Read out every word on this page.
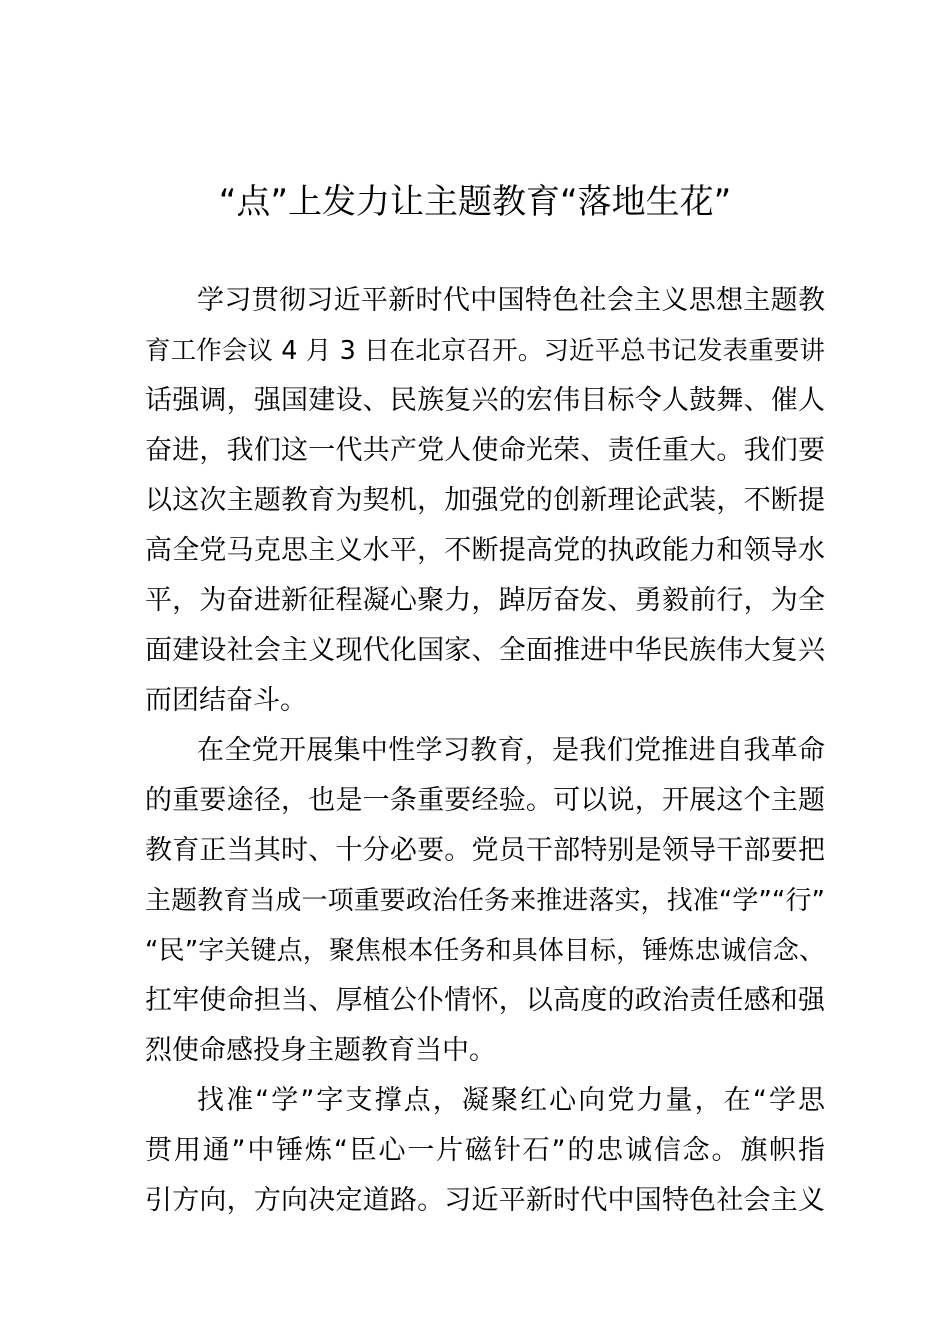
“点”上发力让主题教育“落地生花”
学习贯彻习近平新时代中国特色社会主义思想主题教
育工作会议 4 月 3 日在北京召开。习近平总书记发表重要讲
话强调，强国建设、民族复兴的宏伟目标令人鼓舞、催人
奋进，我们这一代共产党人使命光荣、责任重大。我们要
以这次主题教育为契机，加强党的创新理论武装，不断提
高全党马克思主义水平，不断提高党的执政能力和领导水
平，为奋进新征程凝心聚力，踔厉奋发、勇毅前行，为全
面建设社会主义现代化国家、全面推进中华民族伟大复兴
而团结奋斗。
在全党开展集中性学习教育，是我们党推进自我革命
的重要途径，也是一条重要经验。可以说，开展这个主题
教育正当其时、十分必要。党员干部特别是领导干部要把
主题教育当成一项重要政治任务来推进落实，找准“学”“行”
“民”字关键点，聚焦根本任务和具体目标，锤炼忠诚信念、
扛牢使命担当、厚植公仆情怀，以高度的政治责任感和强
烈使命感投身主题教育当中。
找准“学”字支撑点，凝聚红心向党力量，在“学思
贯用通”中锤炼“臣心一片磁针石”的忠诚信念。旗帜指
引方向，方向决定道路。习近平新时代中国特色社会主义
